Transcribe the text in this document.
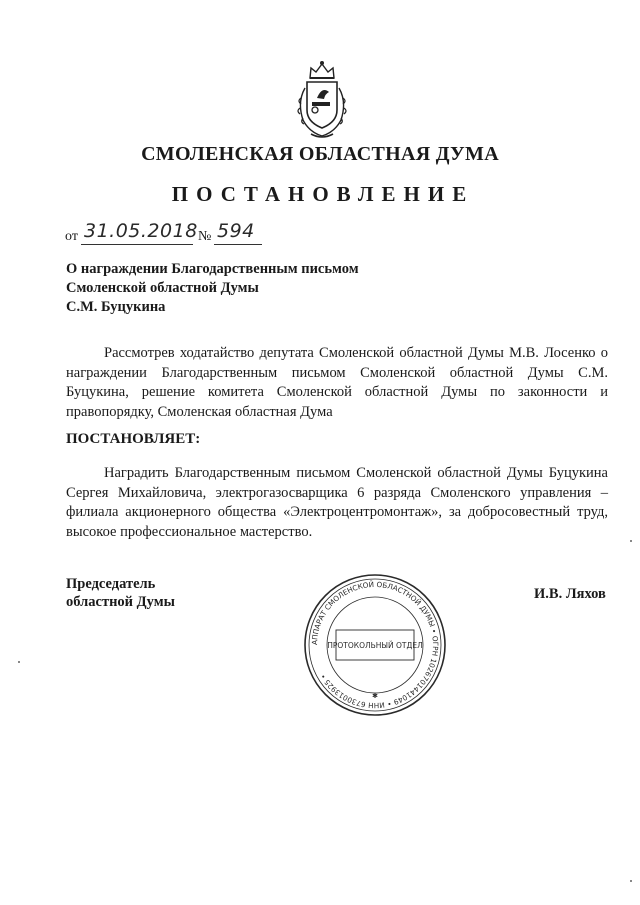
СМОЛЕНСКАЯ ОБЛАСТНАЯ ДУМА
ПОСТАНОВЛЕНИЕ
от 31.05.2018 № 594
О награждении Благодарственным письмом
Смоленской областной Думы
С.М. Буцукина

Рассмотрев ходатайство депутата Смоленской областной Думы М.В. Лосенко о награждении Благодарственным письмом Смоленской областной Думы С.М. Буцукина, решение комитета Смоленской областной Думы по законности и правопорядку, Смоленская областная Дума

ПОСТАНОВЛЯЕТ:

Наградить Благодарственным письмом Смоленской областной Думы Буцукина Сергея Михайловича, электрогазосварщика 6 разряда Смоленского управления – филиала акционерного общества «Электроцентромонтаж», за добросовестный труд, высокое профессиональное мастерство.

Председатель
областной Думы	И.В. Ляхов
АППАРАТ СМОЛЕНСКОЙ ОБЛАСТНОЙ ДУМЫ • ОГРН 1026701441049 • ИНН 6730013925 •
ПРОТОКОЛЬНЫЙ ОТДЕЛ
✱
